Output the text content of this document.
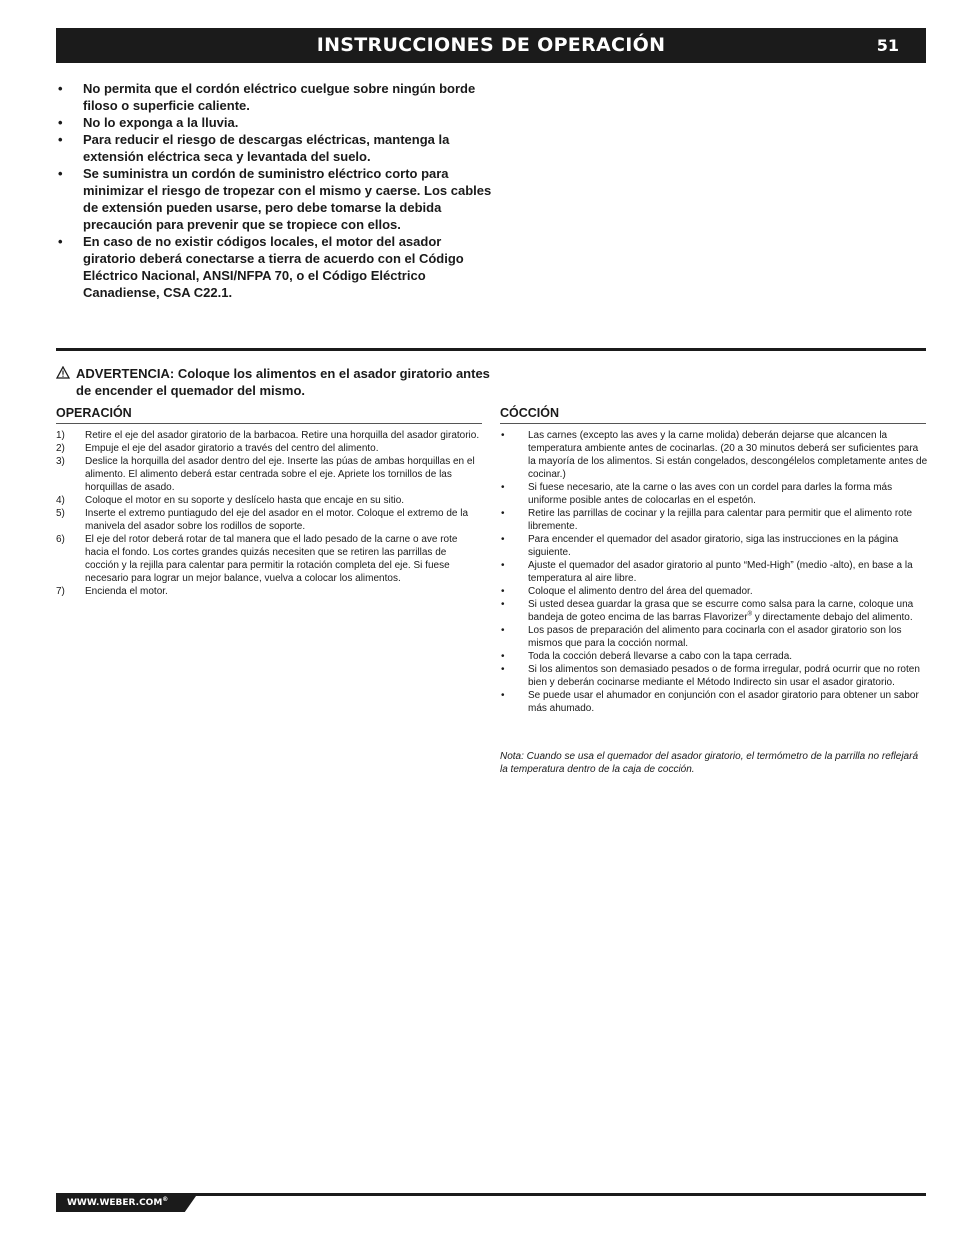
INSTRUCCIONES DE OPERACIÓN	51
• No permita que el cordón eléctrico cuelgue sobre ningún borde filoso o superficie caliente.
• No lo exponga a la lluvia.
• Para reducir el riesgo de descargas eléctricas, mantenga la extensión eléctrica seca y levantada del suelo.
• Se suministra un cordón de suministro eléctrico corto para minimizar el riesgo de tropezar con el mismo y caerse. Los cables de extensión pueden usarse, pero debe tomarse la debida precaución para prevenir que se tropiece con ellos.
• En caso de no existir códigos locales, el motor del asador giratorio deberá conectarse a tierra de acuerdo con el Código Eléctrico Nacional, ANSI/NFPA 70, o el Código Eléctrico Canadiense, CSA C22.1.
ADVERTENCIA: Coloque los alimentos en el asador giratorio antes de encender el quemador del mismo.
OPERACIÓN
1) Retire el eje del asador giratorio de la barbacoa. Retire una horquilla del asador giratorio.
2) Empuje el eje del asador giratorio a través del centro del alimento.
3) Deslice la horquilla del asador dentro del eje. Inserte las púas de ambas horquillas en el alimento. El alimento deberá estar centrada sobre el eje. Apriete los tornillos de las horquillas de asado.
4) Coloque el motor en su soporte y deslícelo hasta que encaje en su sitio.
5) Inserte el extremo puntiagudo del eje del asador en el motor. Coloque el extremo de la manivela del asador sobre los rodillos de soporte.
6) El eje del rotor deberá rotar de tal manera que el lado pesado de la carne o ave rote hacia el fondo. Los cortes grandes quizás necesiten que se retiren las parrillas de cocción y la rejilla para calentar para permitir la rotación completa del eje. Si fuese necesario para lograr un mejor balance, vuelva a colocar los alimentos.
7) Encienda el motor.
CÓCCIÓN
• Las carnes (excepto las aves y la carne molida) deberán dejarse que alcancen la temperatura ambiente antes de cocinarlas. (20 a 30 minutos deberá ser suficientes para la mayoría de los alimentos. Si están congelados, descongélelos completamente antes de cocinar.)
• Si fuese necesario, ate la carne o las aves con un cordel para darles la forma más uniforme posible antes de colocarlas en el espetón.
• Retire las parrillas de cocinar y la rejilla para calentar para permitir que el alimento rote libremente.
• Para encender el quemador del asador giratorio, siga las instrucciones en la página siguiente.
• Ajuste el quemador del asador giratorio al punto “Med-High” (medio -alto), en base a la temperatura al aire libre.
• Coloque el alimento dentro del área del quemador.
• Si usted desea guardar la grasa que se escurre como salsa para la carne, coloque una bandeja de goteo encima de las barras Flavorizer® y directamente debajo del alimento.
• Los pasos de preparación del alimento para cocinarla con el asador giratorio son los mismos que para la cocción normal.
• Toda la cocción deberá llevarse a cabo con la tapa cerrada.
• Si los alimentos son demasiado pesados o de forma irregular, podrá ocurrir que no roten bien y deberán cocinarse mediante el Método Indirecto sin usar el asador giratorio.
• Se puede usar el ahumador en conjunción con el asador giratorio para obtener un sabor más ahumado.
Nota: Cuando se usa el quemador del asador giratorio, el termómetro de la parrilla no reflejará la temperatura dentro de la caja de cocción.
WWW.WEBER.COM®
